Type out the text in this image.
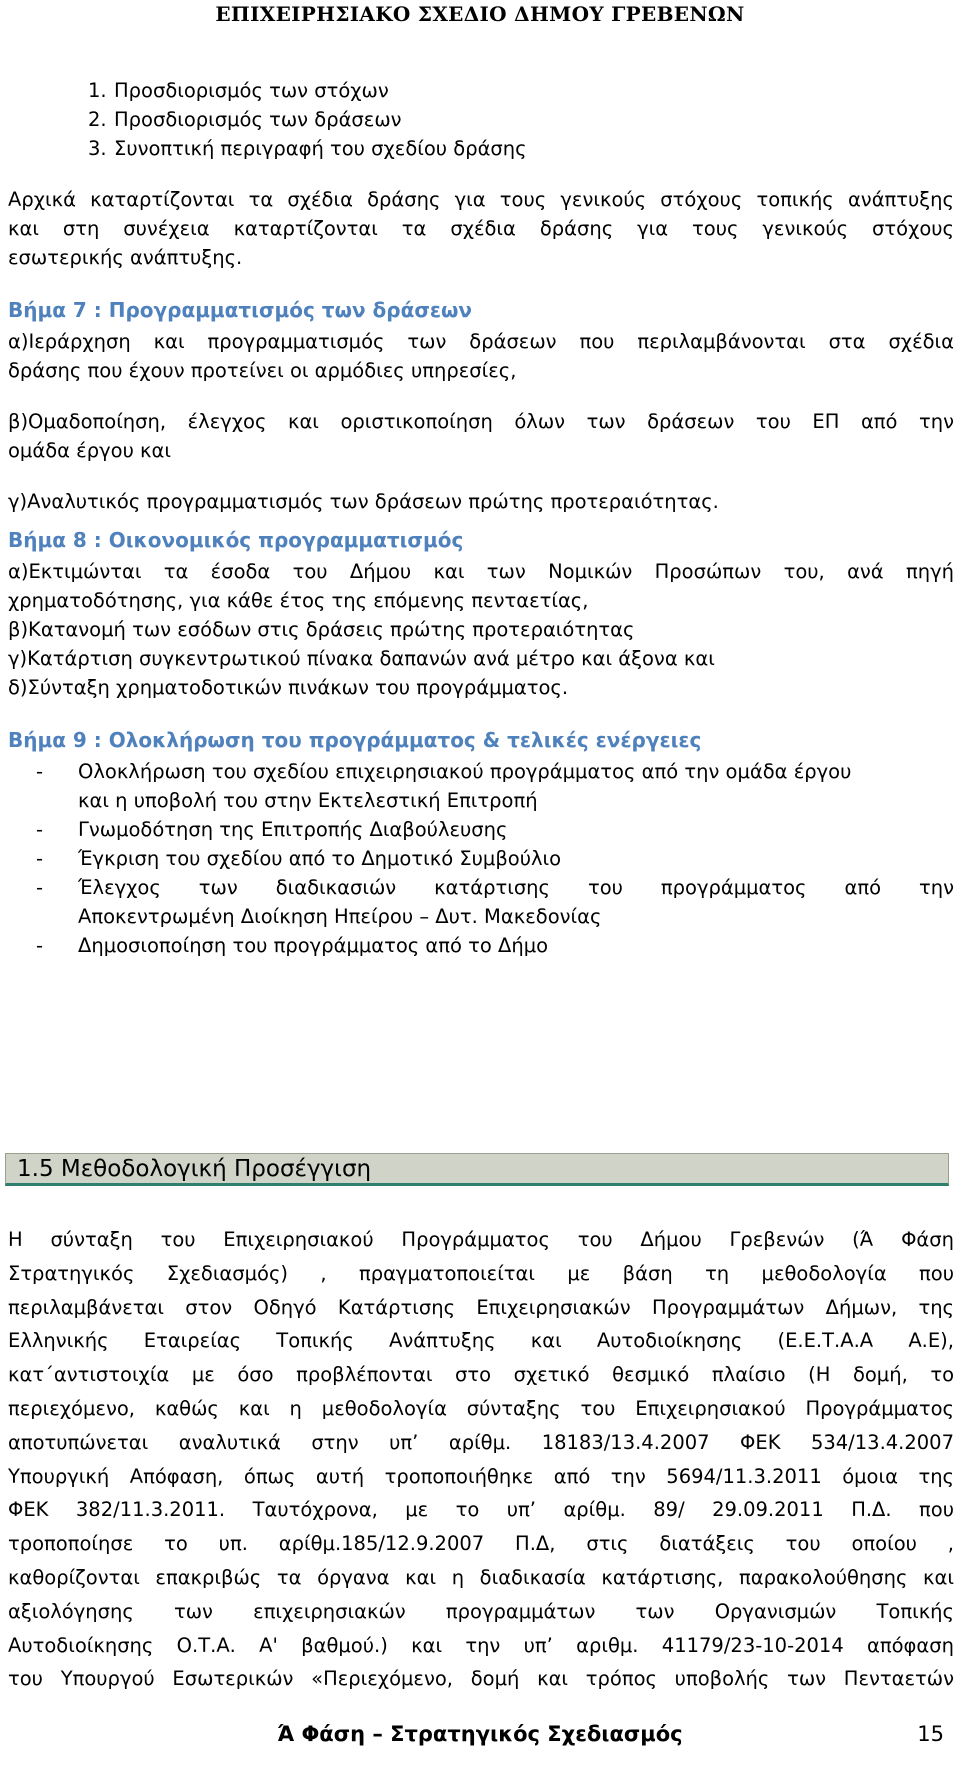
ΕΠΙΧΕΙΡΗΣΙΑΚΟ ΣΧΕΔΙΟ ΔΗΜΟΥ ΓΡΕΒΕΝΩΝ
1. Προσδιορισμός των στόχων
2. Προσδιορισμός των δράσεων
3. Συνοπτική περιγραφή του σχεδίου δράσης
Αρχικά καταρτίζονται τα σχέδια δράσης για τους γενικούς στόχους τοπικής ανάπτυξης
και στη συνέχεια καταρτίζονται τα σχέδια δράσης για τους γενικούς στόχους
εσωτερικής ανάπτυξης.
Βήμα 7 : Προγραμματισμός των δράσεων
α)Ιεράρχηση και προγραμματισμός των δράσεων που περιλαμβάνονται στα σχέδια
δράσης που έχουν προτείνει οι αρμόδιες υπηρεσίες,
β)Ομαδοποίηση, έλεγχος και οριστικοποίηση όλων των δράσεων του ΕΠ από την
ομάδα έργου και
γ)Αναλυτικός προγραμματισμός των δράσεων πρώτης προτεραιότητας.
Βήμα 8 : Οικονομικός προγραμματισμός
α)Εκτιμώνται τα έσοδα του Δήμου και των Νομικών Προσώπων του, ανά πηγή
χρηματοδότησης, για κάθε έτος της επόμενης πενταετίας,
β)Κατανομή των εσόδων στις δράσεις πρώτης προτεραιότητας
γ)Κατάρτιση συγκεντρωτικού πίνακα δαπανών ανά μέτρο και άξονα και
δ)Σύνταξη χρηματοδοτικών πινάκων του προγράμματος.
Βήμα 9 : Ολοκλήρωση του προγράμματος & τελικές ενέργειες
-	Ολοκλήρωση του σχεδίου επιχειρησιακού προγράμματος από την ομάδα έργου
και η υποβολή του στην Εκτελεστική Επιτροπή
-	Γνωμοδότηση της Επιτροπής Διαβούλευσης
-	Έγκριση του σχεδίου από το Δημοτικό Συμβούλιο
-	Έλεγχος των διαδικασιών κατάρτισης του προγράμματος από την
Αποκεντρωμένη Διοίκηση Ηπείρου – Δυτ. Μακεδονίας
-	Δημοσιοποίηση του προγράμματος από το Δήμο
1.5 Μεθοδολογική Προσέγγιση
Η σύνταξη του Επιχειρησιακού Προγράμματος του Δήμου Γρεβενών (Ά Φάση
Στρατηγικός Σχεδιασμός) , πραγματοποιείται με βάση τη μεθοδολογία που
περιλαμβάνεται στον Οδηγό Κατάρτισης Επιχειρησιακών Προγραμμάτων Δήμων, της
Ελληνικής Εταιρείας Τοπικής Ανάπτυξης και Αυτοδιοίκησης (Ε.Ε.Τ.Α.Α Α.Ε),
κατ΄αντιστοιχία με όσο προβλέπονται στο σχετικό θεσμικό πλαίσιο (Η δομή, το
περιεχόμενο, καθώς και η μεθοδολογία σύνταξης του Επιχειρησιακού Προγράμματος
αποτυπώνεται αναλυτικά στην υπ’ αρίθμ. 18183/13.4.2007 ΦΕΚ 534/13.4.2007
Υπουργική Απόφαση, όπως αυτή τροποποιήθηκε από την 5694/11.3.2011 όμοια της
ΦΕΚ 382/11.3.2011. Ταυτόχρονα, με το υπ’ αρίθμ. 89/ 29.09.2011 Π.Δ. που
τροποποίησε το υπ. αρίθμ.185/12.9.2007 Π.Δ, στις διατάξεις του οποίου ,
καθορίζονται επακριβώς τα όργανα και η διαδικασία κατάρτισης, παρακολούθησης και
αξιολόγησης των επιχειρησιακών προγραμμάτων των Οργανισμών Τοπικής
Αυτοδιοίκησης Ο.Τ.Α. Α' βαθμού.) και την υπ’ αριθμ. 41179/23-10-2014 απόφαση
του Υπουργού Εσωτερικών «Περιεχόμενο, δομή και τρόπος υποβολής των Πενταετών
Ά Φάση – Στρατηγικός Σχεδιασμός	15
